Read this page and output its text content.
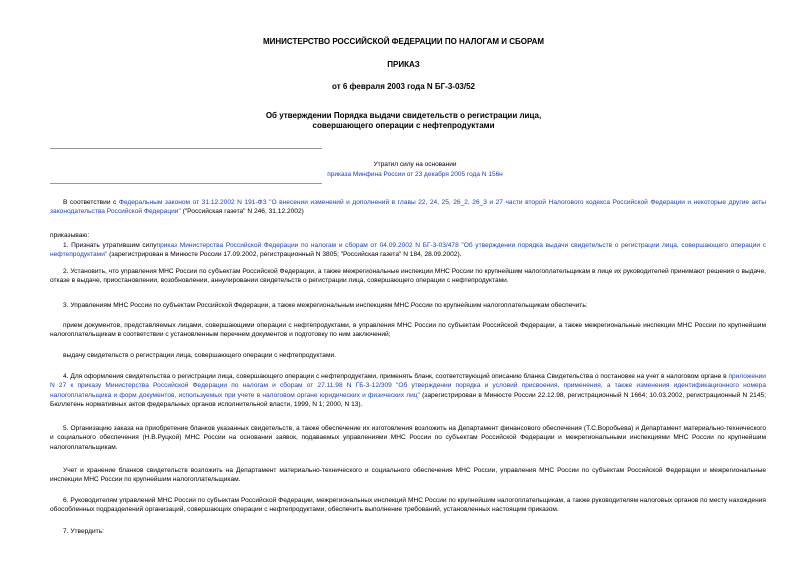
МИНИСТЕРСТВО РОССИЙСКОЙ ФЕДЕРАЦИИ ПО НАЛОГАМ И СБОРАМ
ПРИКАЗ
от 6 февраля 2003 года N БГ-3-03/52
Об утверждении Порядка выдачи свидетельств о регистрации лица,
совершающего операции с нефтепродуктами
Утратил силу на основании
приказа Минфина России от 23 декабря 2005 года N 156н
В соответствии с Федеральным законом от 31.12.2002 N 191-ФЗ "О внесении изменений и дополнений в главы 22, 24, 25, 26_2, 26_3 и 27 части второй Налогового кодекса Российской Федерации и некоторые другие акты законодательства Российской Федерации" ("Российская газета" N 246, 31.12.2002)
приказываю:
1. Признать утратившим силуприказ Министерства Российской Федерации по налогам и сборам от 04.09.2002 N БГ-3-03/478 "Об утверждении порядка выдачи свидетельств о регистрации лица, совершающего операции с нефтепродуктами" (зарегистрирован в Минюсте России 17.09.2002, регистрационный N 3805; "Российская газета" N 184, 28.09.2002).
2. Установить, что управления МНС России по субъектам Российской Федерации, а также межрегиональные инспекции МНС России по крупнейшим налогоплательщикам в лице их руководителей принимают решения о выдаче, отказе в выдаче, приостановлении, возобновлении, аннулировании свидетельств о регистрации лица, совершающего операции с нефтепродуктами.
3. Управлениям МНС России по субъектам Российской Федерации, а также межрегиональным инспекциям МНС России по крупнейшим налогоплательщикам обеспечить:
прием документов, представляемых лицами, совершающими операции с нефтепродуктами, в управления МНС России по субъектам Российской Федерации, а также межрегиональные инспекции МНС России по крупнейшим налогоплательщикам в соответствии с установленным перечнем документов и подготовку по ним заключений;
выдачу свидетельств о регистрации лица, совершающего операции с нефтепродуктами.
4. Для оформления свидетельства о регистрации лица, совершающего операции с нефтепродуктами, применять бланк, соответствующий описанию бланка Свидетельства о постановке на учет в налоговом органе в приложении N 27 к приказу Министерства Российской Федерации по налогам и сборам от 27.11.98 N ГБ-3-12/309 "Об утверждении порядка и условий присвоения, применения, а также изменения идентификационного номера налогоплательщика и форм документов, используемых при учете в налоговом органе юридических и физических лиц" (зарегистрирован в Минюсте России 22.12.98, регистрационный N 1664; 10.03.2002, регистрационный N 2145; Бюллетень нормативных актов федеральных органов исполнительной власти, 1999, N 1; 2000, N 13).
5. Организацию заказа на приобретение бланков указанных свидетельств, а также обеспечение их изготовления возложить на Департамент финансового обеспечения (Т.С.Воробьева) и Департамент материально-технического и социального обеспечения (Н.В.Руцкой) МНС России на основании заявок, подаваемых управлениями МНС России по субъектам Российской Федерации и межрегиональными инспекциями МНС России по крупнейшим налогоплательщикам.
Учет и хранение бланков свидетельств возложить на Департамент материально-технического и социального обеспечения МНС России, управления МНС России по субъектам Российской Федерации и межрегиональные инспекции МНС России по крупнейшим налогоплательщикам.
6. Руководителям управлений МНС России по субъектам Российской Федерации, межрегиональных инспекций МНС России по крупнейшим налогоплательщикам, а также руководителям налоговых органов по месту нахождения обособленных подразделений организаций, совершающих операции с нефтепродуктами, обеспечить выполнение требований, установленных настоящим приказом.
7. Утвердить:
